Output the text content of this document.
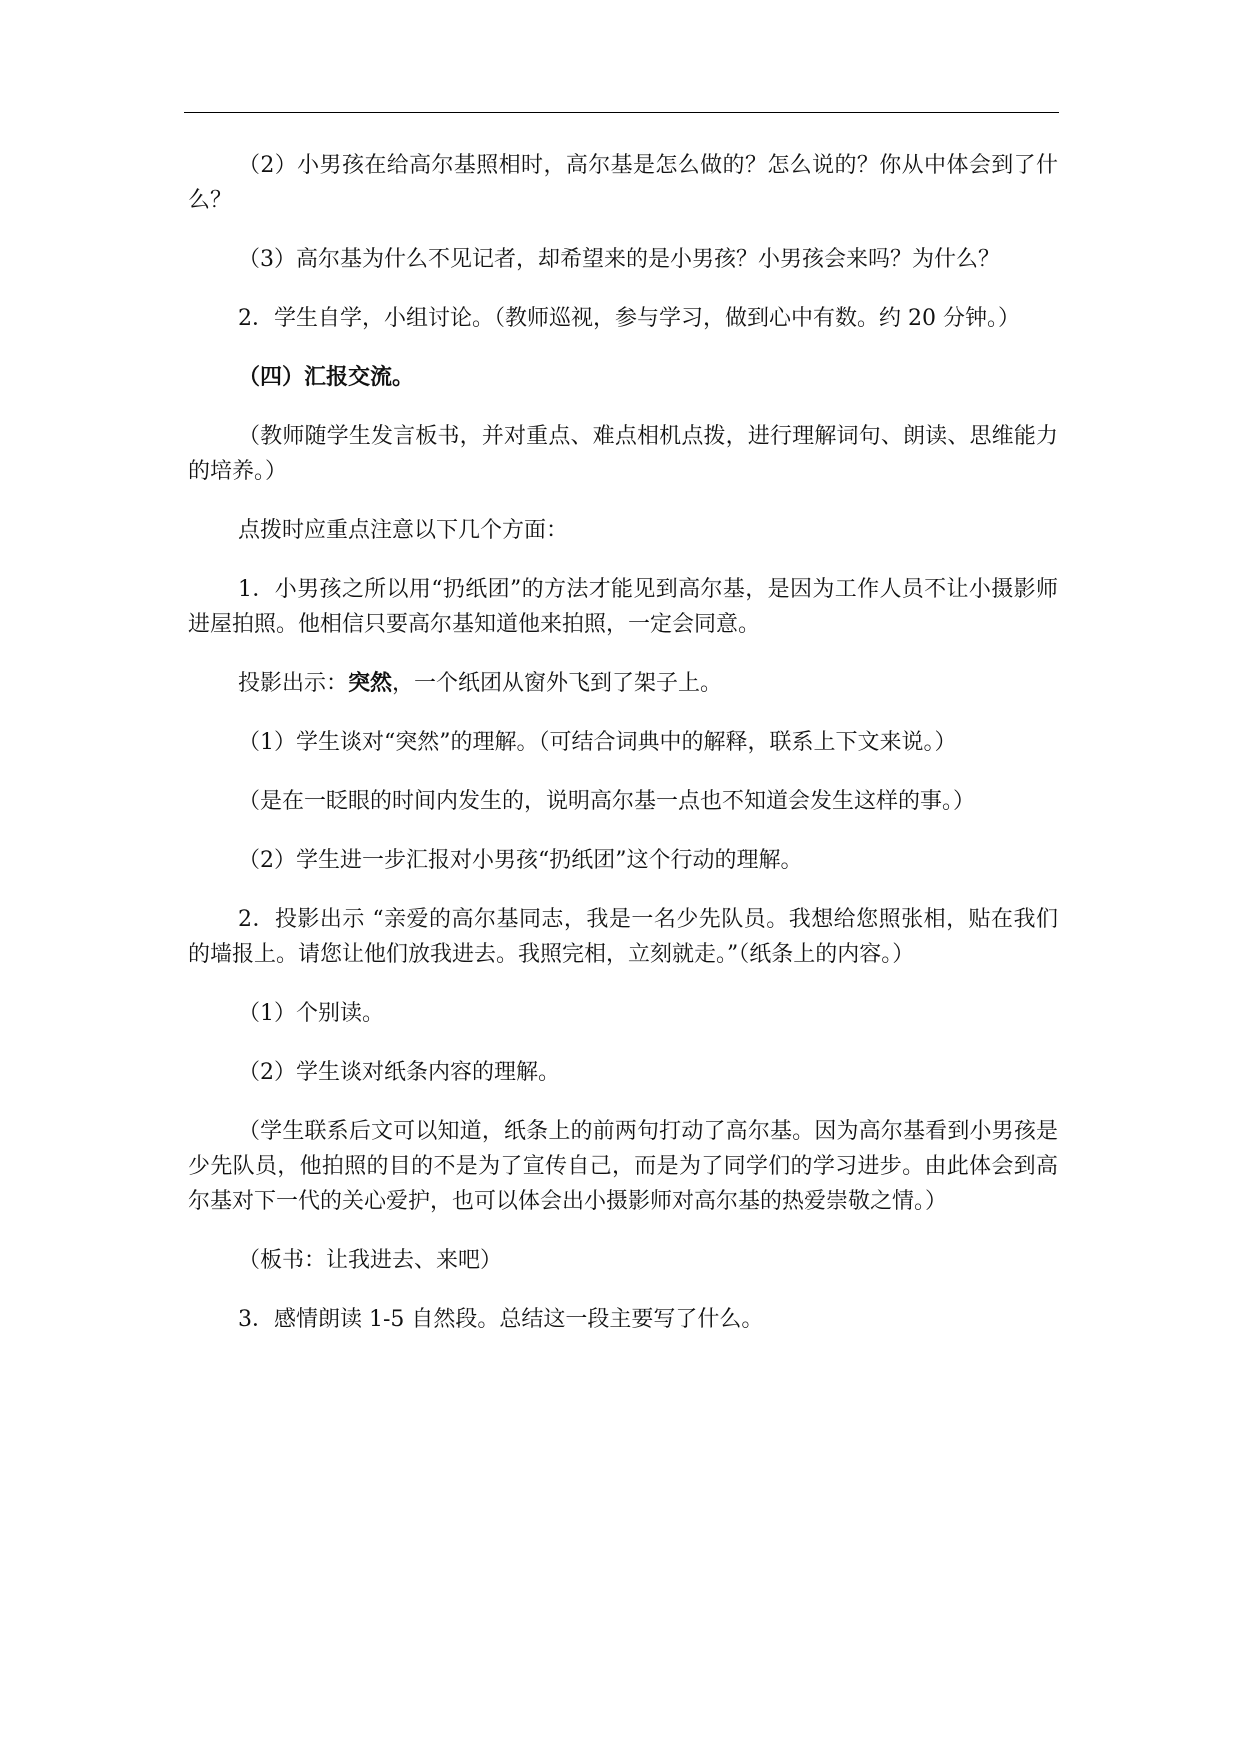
（2）小男孩在给高尔基照相时，高尔基是怎么做的？怎么说的？你从中体会到了什么？

（3）高尔基为什么不见记者，却希望来的是小男孩？小男孩会来吗？为什么？

2．学生自学，小组讨论。（教师巡视，参与学习，做到心中有数。约 20 分钟。）

（四）汇报交流。

（教师随学生发言板书，并对重点、难点相机点拨，进行理解词句、朗读、思维能力的培养。）

点拨时应重点注意以下几个方面：

1．小男孩之所以用“扔纸团”的方法才能见到高尔基，是因为工作人员不让小摄影师进屋拍照。他相信只要高尔基知道他来拍照，一定会同意。

投影出示：突然，一个纸团从窗外飞到了架子上。

（1）学生谈对“突然”的理解。（可结合词典中的解释，联系上下文来说。）

（是在一眨眼的时间内发生的，说明高尔基一点也不知道会发生这样的事。）

（2）学生进一步汇报对小男孩“扔纸团”这个行动的理解。

2．投影出示 “亲爱的高尔基同志，我是一名少先队员。我想给您照张相，贴在我们的墙报上。请您让他们放我进去。我照完相，立刻就走。”（纸条上的内容。）

（1）个别读。

（2）学生谈对纸条内容的理解。

（学生联系后文可以知道，纸条上的前两句打动了高尔基。因为高尔基看到小男孩是少先队员，他拍照的目的不是为了宣传自己，而是为了同学们的学习进步。由此体会到高尔基对下一代的关心爱护，也可以体会出小摄影师对高尔基的热爱崇敬之情。）

（板书：让我进去、来吧）

3．感情朗读 1-5 自然段。总结这一段主要写了什么。
